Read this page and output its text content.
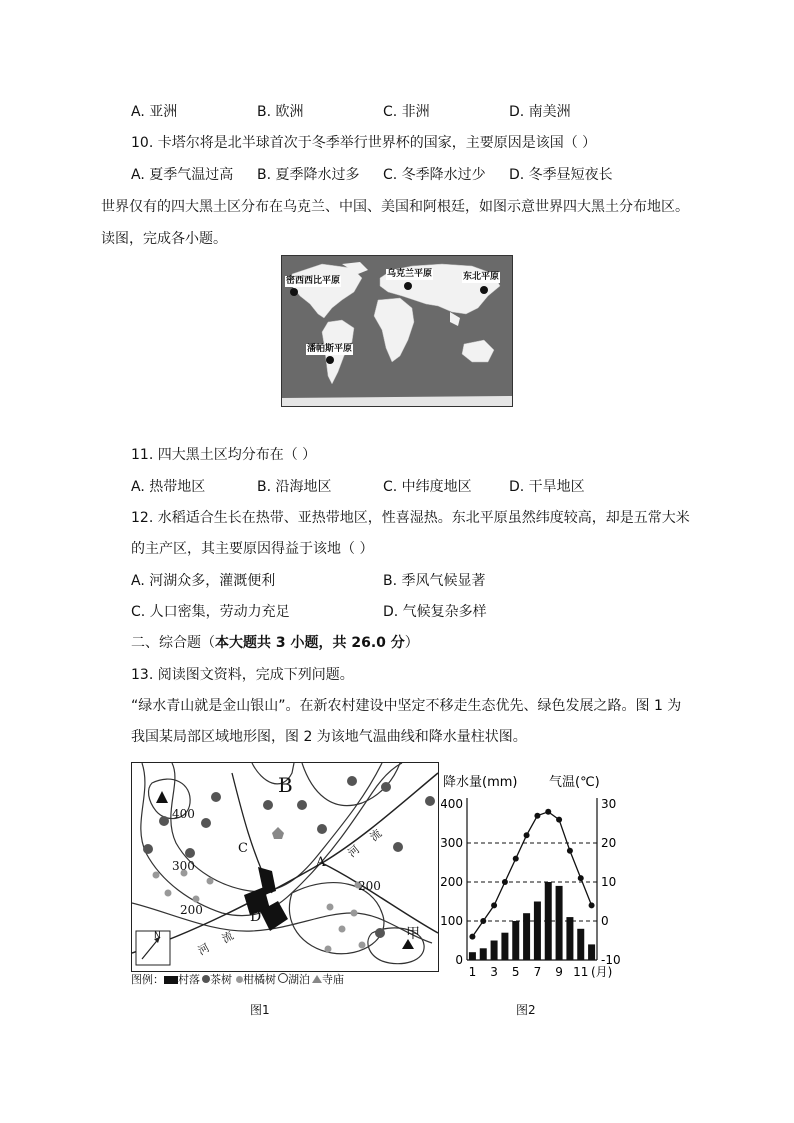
A. 亚洲	B. 欧洲	C. 非洲	D. 南美洲
10. 卡塔尔将是北半球首次于冬季举行世界杯的国家，主要原因是该国（ ）
A. 夏季气温过高 B. 夏季降水过多 C. 冬季降水过少 D. 冬季昼短夜长
世界仅有的四大黑土区分布在乌克兰、中国、美国和阿根廷，如图示意世界四大黑土分布地区。
读图，完成各小题。
密西西比平原
乌克兰平原	东北平原
潘帕斯平原
11. 四大黑土区均分布在（ ）
A. 热带地区	B. 沿海地区	C. 中纬度地区	D. 干旱地区
12. 水稻适合生长在热带、亚热带地区，性喜湿热。东北平原虽然纬度较高，却是五常大米
的主产区，其主要原因得益于该地（ ）
A. 河湖众多，灌溉便利	B. 季风气候显著
C. 人口密集，劳动力充足	D. 气候复杂多样
二、综合题（本大题共 3 小题，共 26.0 分）
13. 阅读图文资料，完成下列问题。
“绿水青山就是金山银山”。在新农村建设中坚定不移走生态优先、绿色发展之路。图 1 为
我国某局部区域地形图，图 2 为该地气温曲线和降水量柱状图。
400
300
200
200
A
B
C
D
甲
河
流
河
流
N
图例： 村落 茶树 柑橘树 湖泊 寺庙
图1
降水量(mm) 气温(℃)
400
300
200
100
0
30
20
10
0
-10
1 3 5 7 9 11 (月)
图2
